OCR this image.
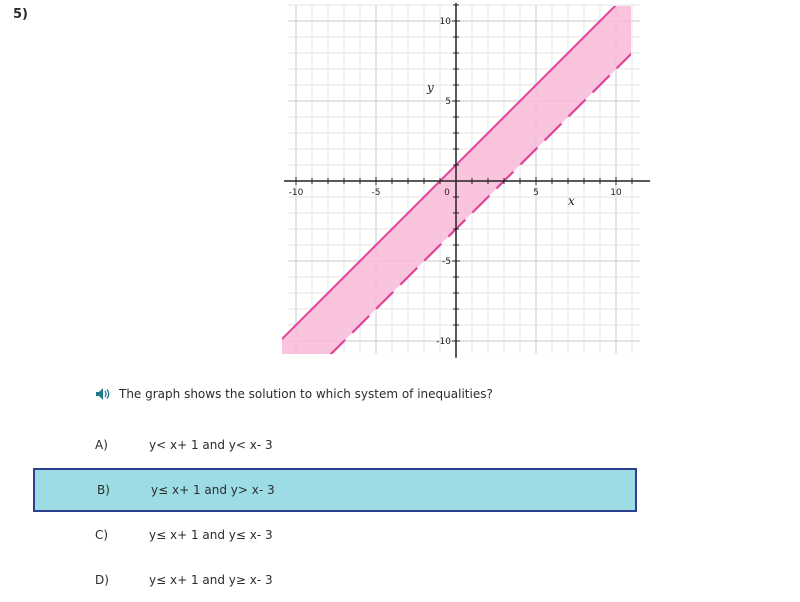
5)
-10	-5	0	5	10
10
5
-5
-10
x
y
The graph shows the solution to which system of inequalities?
A)	y< x+ 1 and y< x- 3
B)	y≤ x+ 1 and y> x- 3
C)	y≤ x+ 1 and y≤ x- 3
D)	y≤ x+ 1 and y≥ x- 3
